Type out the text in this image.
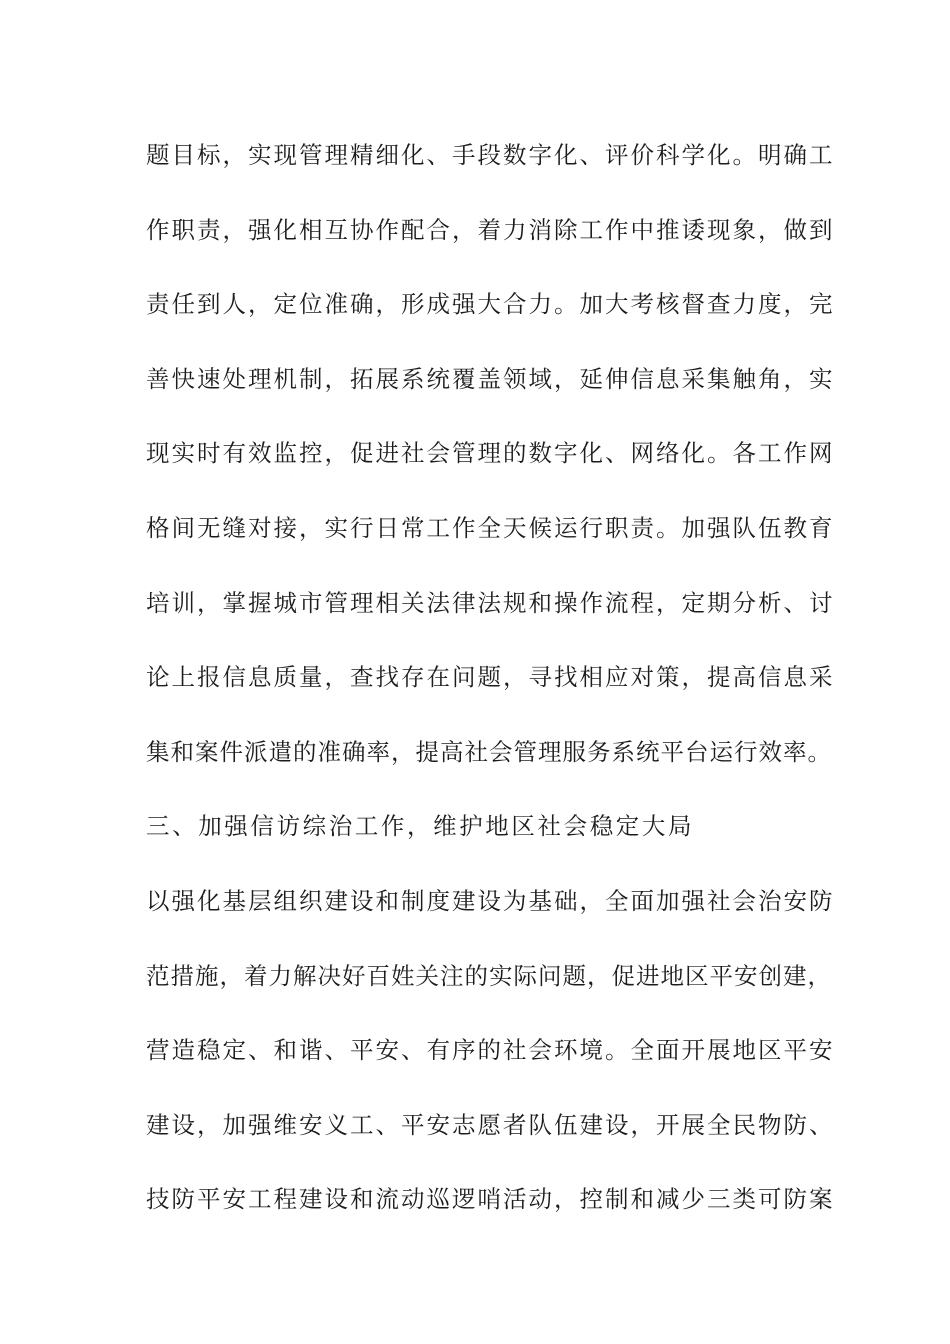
题目标，实现管理精细化、手段数字化、评价科学化。明确工
作职责，强化相互协作配合，着力消除工作中推诿现象，做到
责任到人，定位准确，形成强大合力。加大考核督查力度，完
善快速处理机制，拓展系统覆盖领域，延伸信息采集触角，实
现实时有效监控，促进社会管理的数字化、网络化。各工作网
格间无缝对接，实行日常工作全天候运行职责。加强队伍教育
培训，掌握城市管理相关法律法规和操作流程，定期分析、讨
论上报信息质量，查找存在问题，寻找相应对策，提高信息采
集和案件派遣的准确率，提高社会管理服务系统平台运行效率。
三、加强信访综治工作，维护地区社会稳定大局
以强化基层组织建设和制度建设为基础，全面加强社会治安防
范措施，着力解决好百姓关注的实际问题，促进地区平安创建，
营造稳定、和谐、平安、有序的社会环境。全面开展地区平安
建设，加强维安义工、平安志愿者队伍建设，开展全民物防、
技防平安工程建设和流动巡逻哨活动，控制和减少三类可防案
